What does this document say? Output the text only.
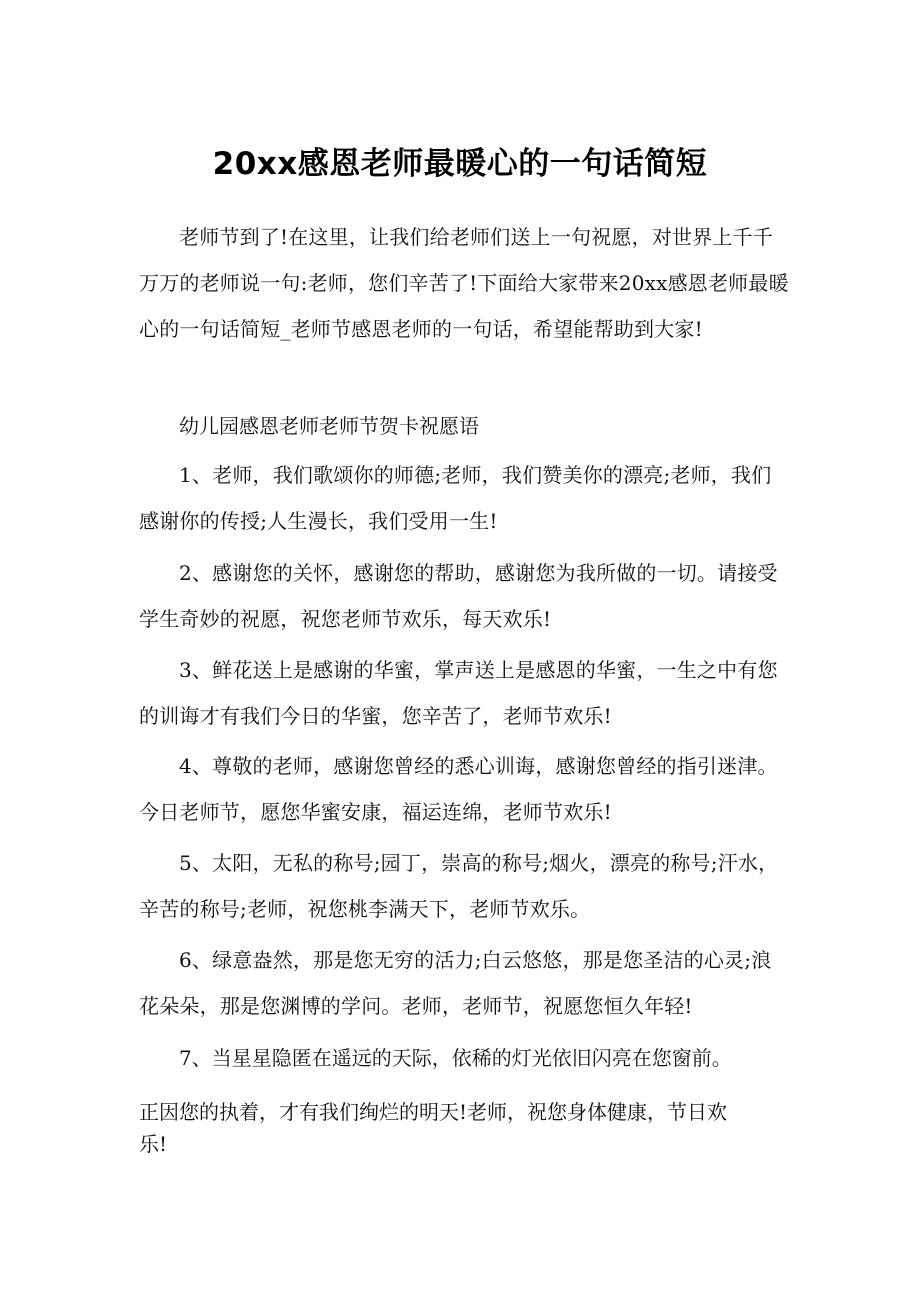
20xx感恩老师最暖心的一句话简短
老师节到了!在这里，让我们给老师们送上一句祝愿，对世界上千千万万的老师说一句:老师，您们辛苦了!下面给大家带来20xx感恩老师最暖心的一句话简短_老师节感恩老师的一句话，希望能帮助到大家!
幼儿园感恩老师老师节贺卡祝愿语
1、老师，我们歌颂你的师德;老师，我们赞美你的漂亮;老师，我们感谢你的传授;人生漫长，我们受用一生!
2、感谢您的关怀，感谢您的帮助，感谢您为我所做的一切。请接受学生奇妙的祝愿，祝您老师节欢乐，每天欢乐!
3、鲜花送上是感谢的华蜜，掌声送上是感恩的华蜜，一生之中有您的训诲才有我们今日的华蜜，您辛苦了，老师节欢乐!
4、尊敬的老师，感谢您曾经的悉心训诲，感谢您曾经的指引迷津。今日老师节，愿您华蜜安康，福运连绵，老师节欢乐!
5、太阳，无私的称号;园丁，崇高的称号;烟火，漂亮的称号;汗水，辛苦的称号;老师，祝您桃李满天下，老师节欢乐。
6、绿意盎然，那是您无穷的活力;白云悠悠，那是您圣洁的心灵;浪花朵朵，那是您渊博的学问。老师，老师节，祝愿您恒久年轻!
7、当星星隐匿在遥远的天际，依稀的灯光依旧闪亮在您窗前。
正因您的执着，才有我们绚烂的明天!老师，祝您身体健康，节日欢乐!
